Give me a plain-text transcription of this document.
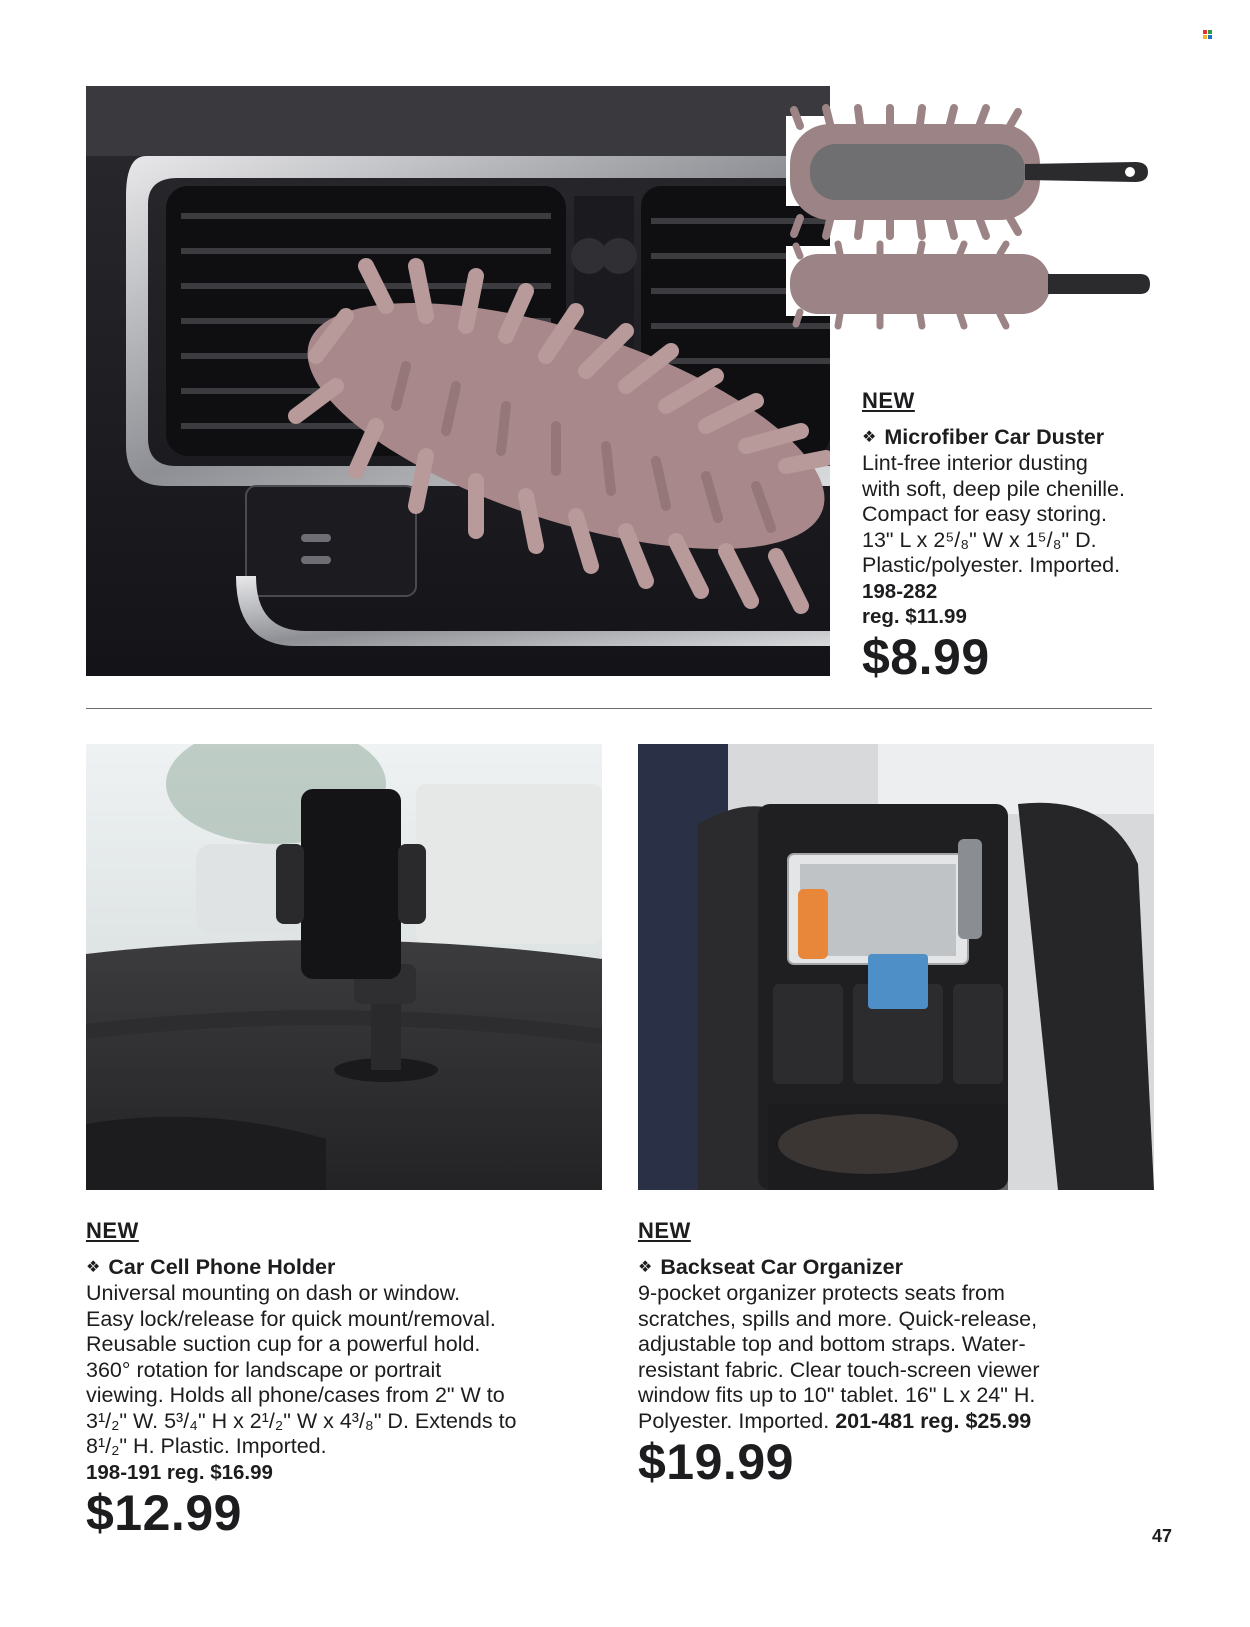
NEW
❖ Microfiber Car Duster
Lint-free interior dusting
with soft, deep pile chenille.
Compact for easy storing.
13" L x 2⁵/₈" W x 1⁵/₈" D.
Plastic/polyester. Imported.
198-282
reg. $11.99
$8.99
NEW
❖ Car Cell Phone Holder
Universal mounting on dash or window.
Easy lock/release for quick mount/removal.
Reusable suction cup for a powerful hold.
360° rotation for landscape or portrait
viewing. Holds all phone/cases from 2" W to
3¹/₂" W. 5³/₄" H x 2¹/₂" W x 4³/₈" D. Extends to
8¹/₂" H. Plastic. Imported.
198-191 reg. $16.99
$12.99
NEW
❖ Backseat Car Organizer
9-pocket organizer protects seats from
scratches, spills and more. Quick-release,
adjustable top and bottom straps. Water-
resistant fabric. Clear touch-screen viewer
window fits up to 10" tablet. 16" L x 24" H.
Polyester. Imported. 201-481 reg. $25.99
$19.99
47
